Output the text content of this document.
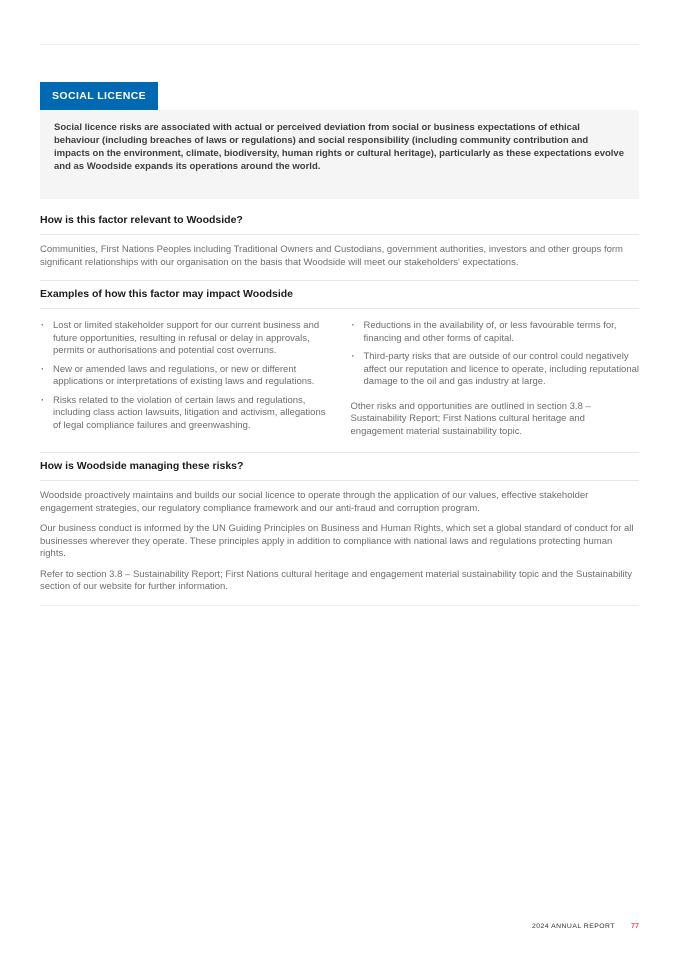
SOCIAL LICENCE

Social licence risks are associated with actual or perceived deviation from social or business expectations of ethical behaviour (including breaches of laws or regulations) and social responsibility (including community contribution and impacts on the environment, climate, biodiversity, human rights or cultural heritage), particularly as these expectations evolve and as Woodside expands its operations around the world.

How is this factor relevant to Woodside?

Communities, First Nations Peoples including Traditional Owners and Custodians, government authorities, investors and other groups form significant relationships with our organisation on the basis that Woodside will meet our stakeholders' expectations.

Examples of how this factor may impact Woodside
· Lost or limited stakeholder support for our current business and future opportunities, resulting in refusal or delay in approvals, permits or authorisations and potential cost overruns.
· New or amended laws and regulations, or new or different applications or interpretations of existing laws and regulations.
· Risks related to the violation of certain laws and regulations, including class action lawsuits, litigation and activism, allegations of legal compliance failures and greenwashing.
· Reductions in the availability of, or less favourable terms for, financing and other forms of capital.
· Third-party risks that are outside of our control could negatively affect our reputation and licence to operate, including reputational damage to the oil and gas industry at large.

Other risks and opportunities are outlined in section 3.8 – Sustainability Report; First Nations cultural heritage and engagement material sustainability topic.

How is Woodside managing these risks?

Woodside proactively maintains and builds our social licence to operate through the application of our values, effective stakeholder engagement strategies, our regulatory compliance framework and our anti-fraud and corruption program.

Our business conduct is informed by the UN Guiding Principles on Business and Human Rights, which set a global standard of conduct for all businesses wherever they operate. These principles apply in addition to compliance with national laws and regulations protecting human rights.

Refer to section 3.8 – Sustainability Report; First Nations cultural heritage and engagement material sustainability topic and the Sustainability section of our website for further information.

2024 ANNUAL REPORT 77
